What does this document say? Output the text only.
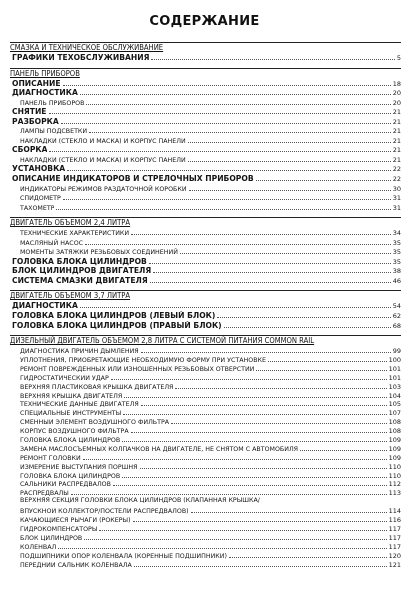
СОДЕРЖАНИЕ
СМАЗКА И ТЕХНИЧЕСКОЕ ОБСЛУЖИВАНИЕ
ГРАФИКИ ТЕХОБСЛУЖИВАНИЯ	5
ПАНЕЛЬ ПРИБОРОВ
ОПИСАНИЕ	18
ДИАГНОСТИКА	20
ПАНЕЛЬ ПРИБОРОВ	20
СНЯТИЕ	21
РАЗБОРКА	21
ЛАМПЫ ПОДСВЕТКИ	21
НАКЛАДКИ (СТЕКЛО И МАСКА) И КОРПУС ПАНЕЛИ	21
СБОРКА	21
НАКЛАДКИ (СТЕКЛО И МАСКА) И КОРПУС ПАНЕЛИ	21
УСТАНОВКА	22
ОПИСАНИЕ ИНДИКАТОРОВ И СТРЕЛОЧНЫХ ПРИБОРОВ	22
ИНДИКАТОРЫ РЕЖИМОВ РАЗДАТОЧНОЙ КОРОБКИ	30
СПИДОМЕТР	31
ТАХОМЕТР	31
ДВИГАТЕЛЬ ОБЪЕМОМ 2,4 ЛИТРА
ТЕХНИЧЕСКИЕ ХАРАКТЕРИСТИКИ	34
МАСЛЯНЫЙ НАСОС	35
МОМЕНТЫ ЗАТЯЖКИ РЕЗЬБОВЫХ СОЕДИНЕНИЙ	35
ГОЛОВКА БЛОКА ЦИЛИНДРОВ	35
БЛОК ЦИЛИНДРОВ ДВИГАТЕЛЯ	38
СИСТЕМА СМАЗКИ ДВИГАТЕЛЯ	46
ДВИГАТЕЛЬ ОБЪЕМОМ 3,7 ЛИТРА
ДИАГНОСТИКА	54
ГОЛОВКА БЛОКА ЦИЛИНДРОВ (ЛЕВЫЙ БЛОК)	62
ГОЛОВКА БЛОКА ЦИЛИНДРОВ (ПРАВЫЙ БЛОК)	68
ДИЗЕЛЬНЫЙ ДВИГАТЕЛЬ ОБЪЕМОМ 2,8 ЛИТРА С СИСТЕМОЙ ПИТАНИЯ COMMON RAIL
ДИАГНОСТИКА ПРИЧИН ДЫМЛЕНИЯ	99
УПЛОТНЕНИЯ, ПРИОБРЕТАЮЩИЕ НЕОБХОДИМУЮ ФОРМУ ПРИ УСТАНОВКЕ	100
РЕМОНТ ПОВРЕЖДЕННЫХ ИЛИ ИЗНОШЕННЫХ РЕЗЬБОВЫХ ОТВЕРСТИЙ	101
ГИДРОСТАТИЧЕСКИЙ УДАР	101
ВЕРХНЯЯ ПЛАСТИКОВАЯ КРЫШКА ДВИГАТЕЛЯ	103
ВЕРХНЯЯ КРЫШКА ДВИГАТЕЛЯ	104
ТЕХНИЧЕСКИЕ ДАННЫЕ ДВИГАТЕЛЯ	105
СПЕЦИАЛЬНЫЕ ИНСТРУМЕНТЫ	107
СМЕННЫЙ ЭЛЕМЕНТ ВОЗДУШНОГО ФИЛЬТРА	108
КОРПУС ВОЗДУШНОГО ФИЛЬТРА	108
ГОЛОВКА БЛОКА ЦИЛИНДРОВ	109
ЗАМЕНА МАСЛОСЪЕМНЫХ КОЛПАЧКОВ НА ДВИГАТЕЛЕ, НЕ СНЯТОМ С АВТОМОБИЛЯ	109
РЕМОНТ ГОЛОВКИ	109
ИЗМЕРЕНИЕ ВЫСТУПАНИЯ ПОРШНЯ	110
ГОЛОВКА БЛОКА ЦИЛИНДРОВ	110
САЛЬНИКИ РАСПРЕДВАЛОВ	112
РАСПРЕДВАЛЫ	113
ВЕРХНЯЯ СЕКЦИЯ ГОЛОВКИ БЛОКА ЦИЛИНДРОВ (КЛАПАННАЯ КРЫШКА/
ВПУСКНОЙ КОЛЛЕКТОР/ПОСТЕЛИ РАСПРЕДВАЛОВ)	114
КАЧАЮЩИЕСЯ РЫЧАГИ (РОКЕРЫ)	116
ГИДРОКОМПЕНСАТОРЫ	117
БЛОК ЦИЛИНДРОВ	117
КОЛЕНВАЛ	117
ПОДШИПНИКИ ОПОР КОЛЕНВАЛА (КОРЕННЫЕ ПОДШИПНИКИ)	120
ПЕРЕДНИЙ САЛЬНИК КОЛЕНВАЛА	121
